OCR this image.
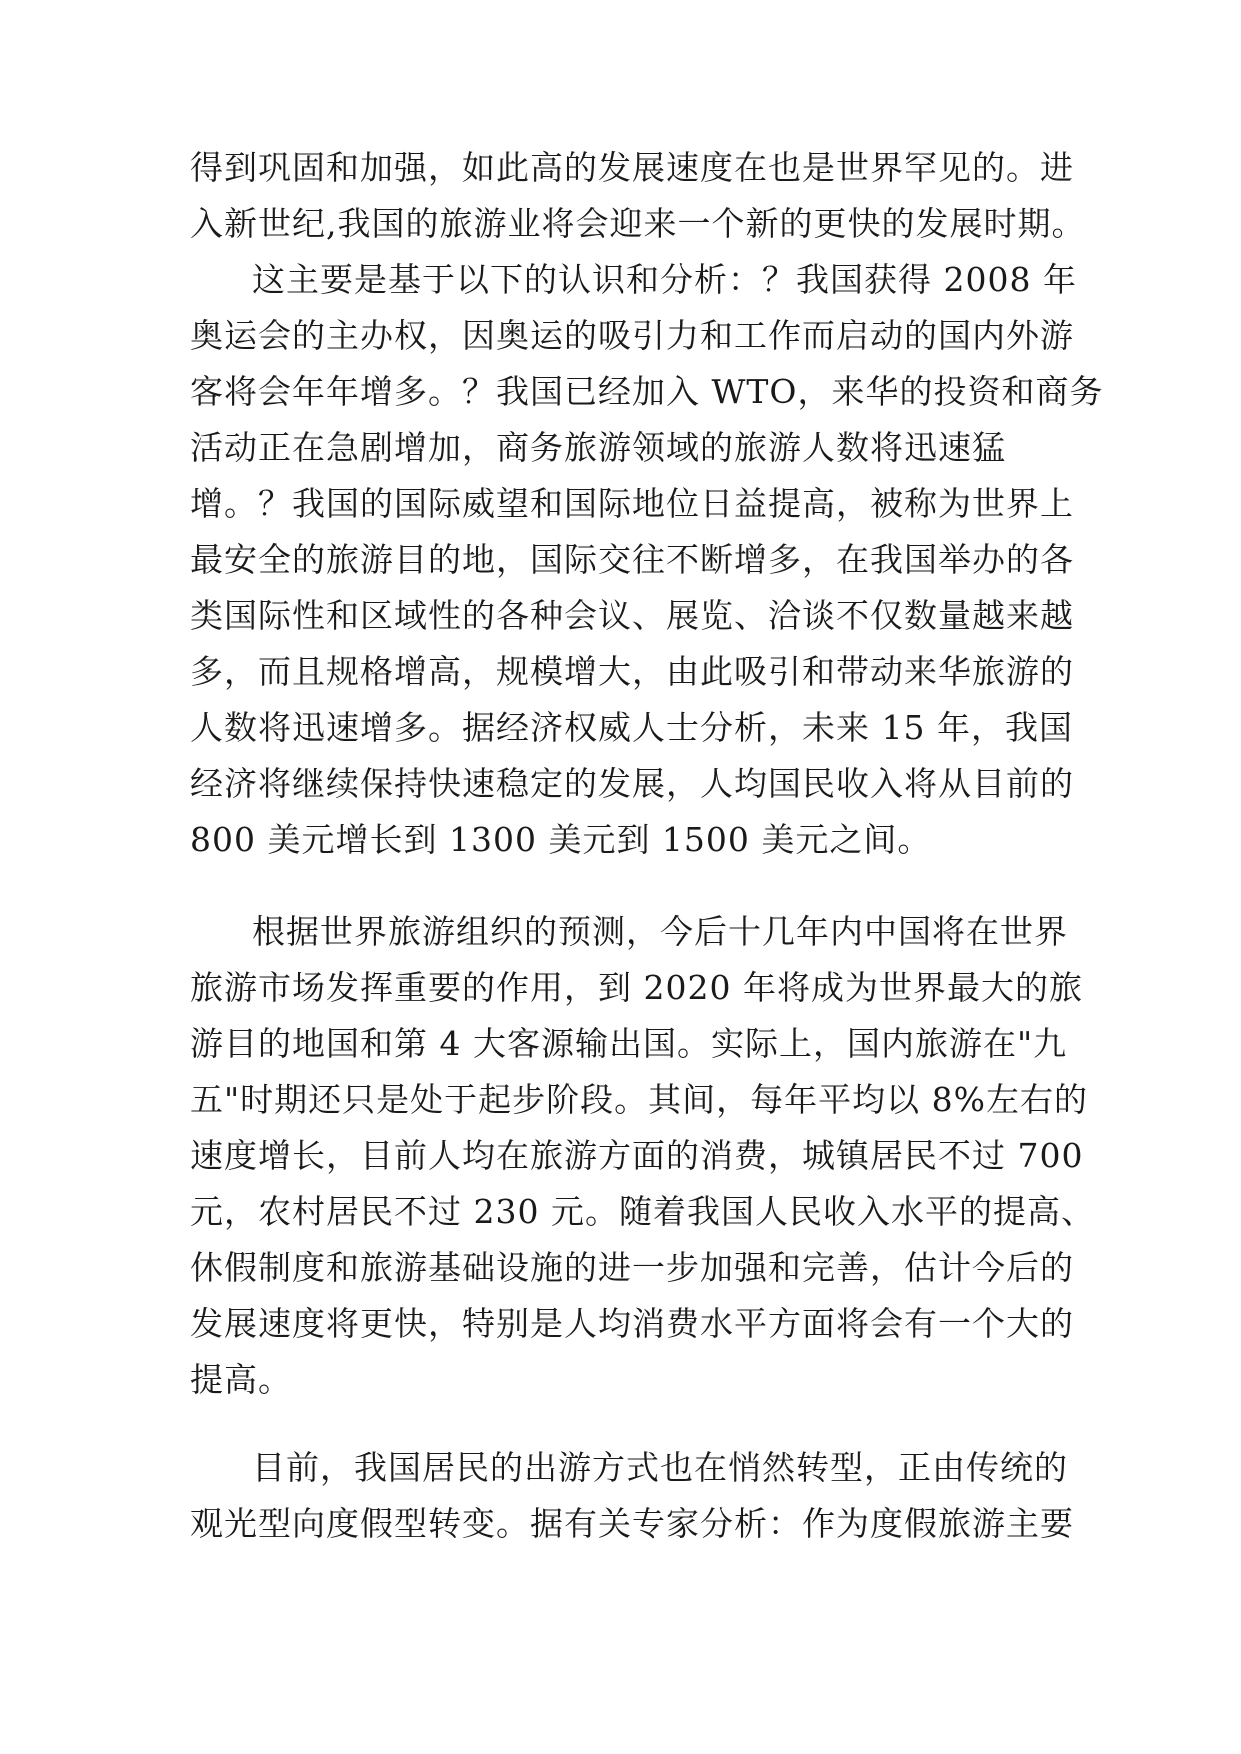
得到巩固和加强，如此高的发展速度在也是世界罕见的。进
入新世纪,我国的旅游业将会迎来一个新的更快的发展时期。
这主要是基于以下的认识和分析：？我国获得 2008 年
奥运会的主办权，因奥运的吸引力和工作而启动的国内外游
客将会年年增多。？我国已经加入 WTO，来华的投资和商务
活动正在急剧增加，商务旅游领域的旅游人数将迅速猛
增。？我国的国际威望和国际地位日益提高，被称为世界上
最安全的旅游目的地，国际交往不断增多，在我国举办的各
类国际性和区域性的各种会议、展览、洽谈不仅数量越来越
多，而且规格增高，规模增大，由此吸引和带动来华旅游的
人数将迅速增多。据经济权威人士分析，未来 15 年，我国
经济将继续保持快速稳定的发展，人均国民收入将从目前的
800 美元增长到 1300 美元到 1500 美元之间。
根据世界旅游组织的预测，今后十几年内中国将在世界
旅游市场发挥重要的作用，到 2020 年将成为世界最大的旅
游目的地国和第 4 大客源输出国。实际上，国内旅游在"九
五"时期还只是处于起步阶段。其间，每年平均以 8%左右的
速度增长，目前人均在旅游方面的消费，城镇居民不过 700
元，农村居民不过 230 元。随着我国人民收入水平的提高、
休假制度和旅游基础设施的进一步加强和完善，估计今后的
发展速度将更快，特别是人均消费水平方面将会有一个大的
提高。
目前，我国居民的出游方式也在悄然转型，正由传统的
观光型向度假型转变。据有关专家分析：作为度假旅游主要
